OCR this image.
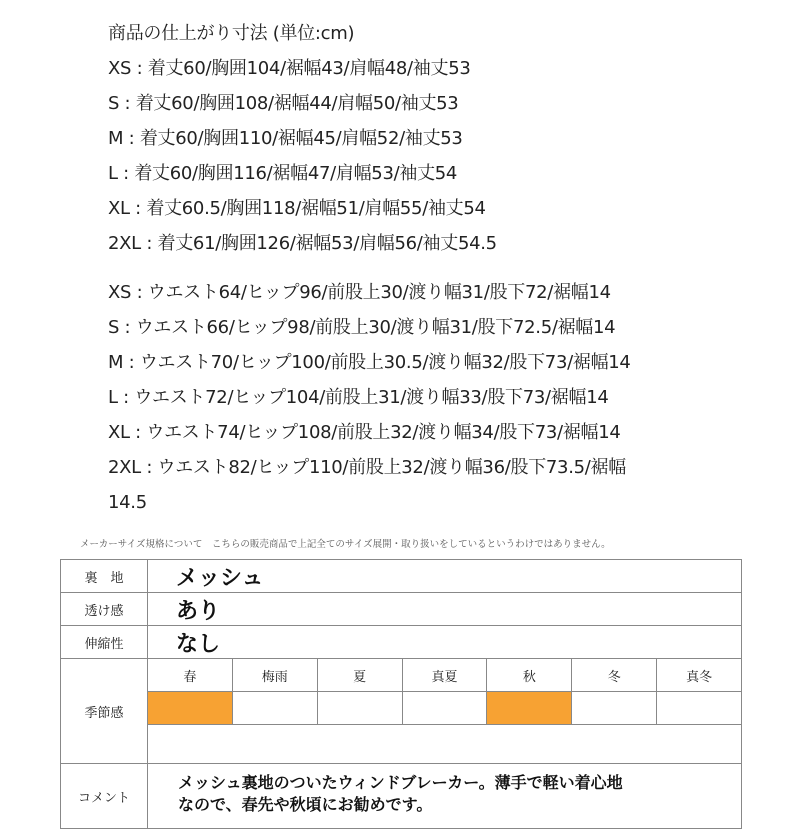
商品の仕上がり寸法 (単位:cm)
XS : 着丈60/胸囲104/裾幅43/肩幅48/袖丈53
S : 着丈60/胸囲108/裾幅44/肩幅50/袖丈53
M : 着丈60/胸囲110/裾幅45/肩幅52/袖丈53
L : 着丈60/胸囲116/裾幅47/肩幅53/袖丈54
XL : 着丈60.5/胸囲118/裾幅51/肩幅55/袖丈54
2XL : 着丈61/胸囲126/裾幅53/肩幅56/袖丈54.5
XS : ウエスト64/ヒップ96/前股上30/渡り幅31/股下72/裾幅14
S : ウエスト66/ヒップ98/前股上30/渡り幅31/股下72.5/裾幅14
M : ウエスト70/ヒップ100/前股上30.5/渡り幅32/股下73/裾幅14
L : ウエスト72/ヒップ104/前股上31/渡り幅33/股下73/裾幅14
XL : ウエスト74/ヒップ108/前股上32/渡り幅34/股下73/裾幅14
2XL : ウエスト82/ヒップ110/前股上32/渡り幅36/股下73.5/裾幅
14.5
メーカーサイズ規格について　こちらの販売商品で上記全てのサイズ展開・取り扱いをしているというわけではありません。
裏　地	メッシュ
透け感	あり
伸縮性	なし
季節感
春	梅雨	夏	真夏	秋	冬	真冬
コメント
メッシュ裏地のついたウィンドブレーカー。薄手で軽い着心地
なので、春先や秋頃にお勧めです。
